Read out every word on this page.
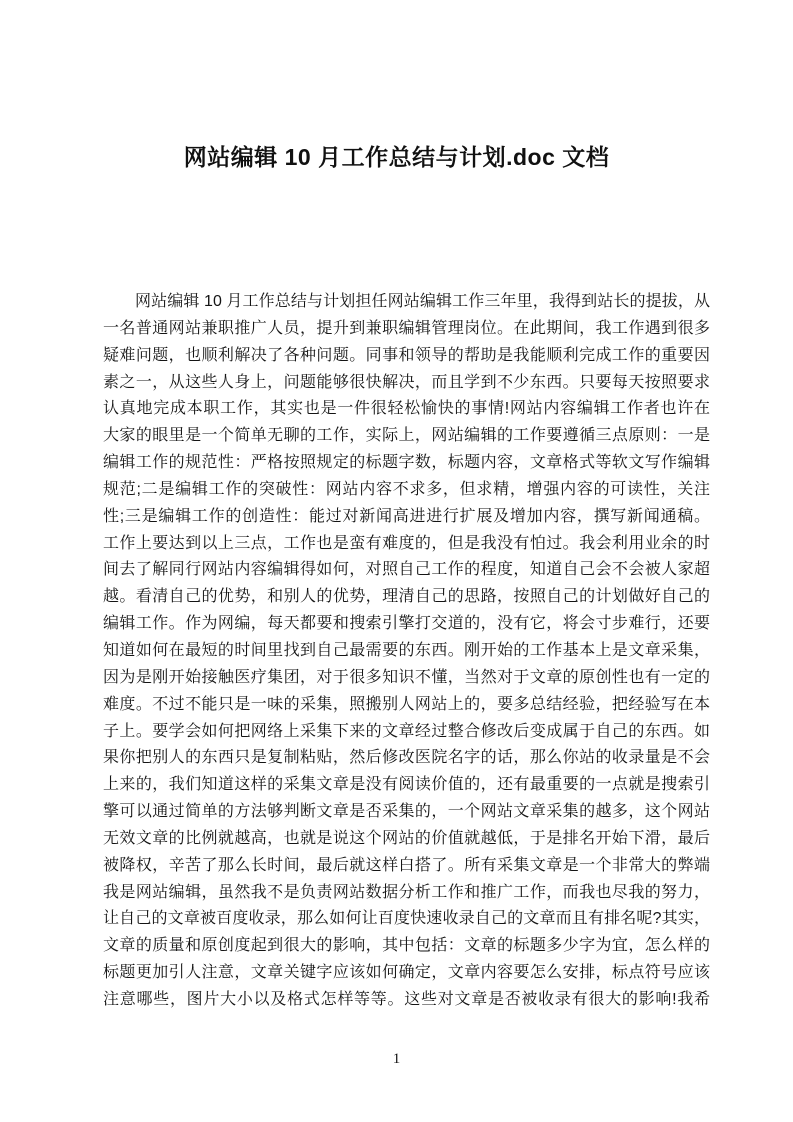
网站编辑 10 月工作总结与计划.doc 文档
网站编辑 10 月工作总结与计划担任网站编辑工作三年里，我得到站长的提拔，从
一名普通网站兼职推广人员，提升到兼职编辑管理岗位。在此期间，我工作遇到很多
疑难问题，也顺利解决了各种问题。同事和领导的帮助是我能顺利完成工作的重要因
素之一，从这些人身上，问题能够很快解决，而且学到不少东西。只要每天按照要求
认真地完成本职工作，其实也是一件很轻松愉快的事情!网站内容编辑工作者也许在
大家的眼里是一个简单无聊的工作，实际上，网站编辑的工作要遵循三点原则：一是
编辑工作的规范性：严格按照规定的标题字数，标题内容，文章格式等软文写作编辑
规范;二是编辑工作的突破性：网站内容不求多，但求精，增强内容的可读性，关注
性;三是编辑工作的创造性：能过对新闻高进进行扩展及增加内容，撰写新闻通稿。
工作上要达到以上三点，工作也是蛮有难度的，但是我没有怕过。我会利用业余的时
间去了解同行网站内容编辑得如何，对照自己工作的程度，知道自己会不会被人家超
越。看清自己的优势，和别人的优势，理清自己的思路，按照自己的计划做好自己的
编辑工作。作为网编，每天都要和搜索引擎打交道的，没有它，将会寸步难行，还要
知道如何在最短的时间里找到自己最需要的东西。刚开始的工作基本上是文章采集，
因为是刚开始接触医疗集团，对于很多知识不懂，当然对于文章的原创性也有一定的
难度。不过不能只是一味的采集，照搬别人网站上的，要多总结经验，把经验写在本
子上。要学会如何把网络上采集下来的文章经过整合修改后变成属于自己的东西。如
果你把别人的东西只是复制粘贴，然后修改医院名字的话，那么你站的收录量是不会
上来的，我们知道这样的采集文章是没有阅读价值的，还有最重要的一点就是搜索引
擎可以通过简单的方法够判断文章是否采集的，一个网站文章采集的越多，这个网站
无效文章的比例就越高，也就是说这个网站的价值就越低，于是排名开始下滑，最后
被降权，辛苦了那么长时间，最后就这样白搭了。所有采集文章是一个非常大的弊端
我是网站编辑，虽然我不是负责网站数据分析工作和推广工作，而我也尽我的努力，
让自己的文章被百度收录，那么如何让百度快速收录自己的文章而且有排名呢?其实，
文章的质量和原创度起到很大的影响，其中包括：文章的标题多少字为宜，怎么样的
标题更加引人注意，文章关键字应该如何确定，文章内容要怎么安排，标点符号应该
注意哪些，图片大小以及格式怎样等等。这些对文章是否被收录有很大的影响!我希
1
